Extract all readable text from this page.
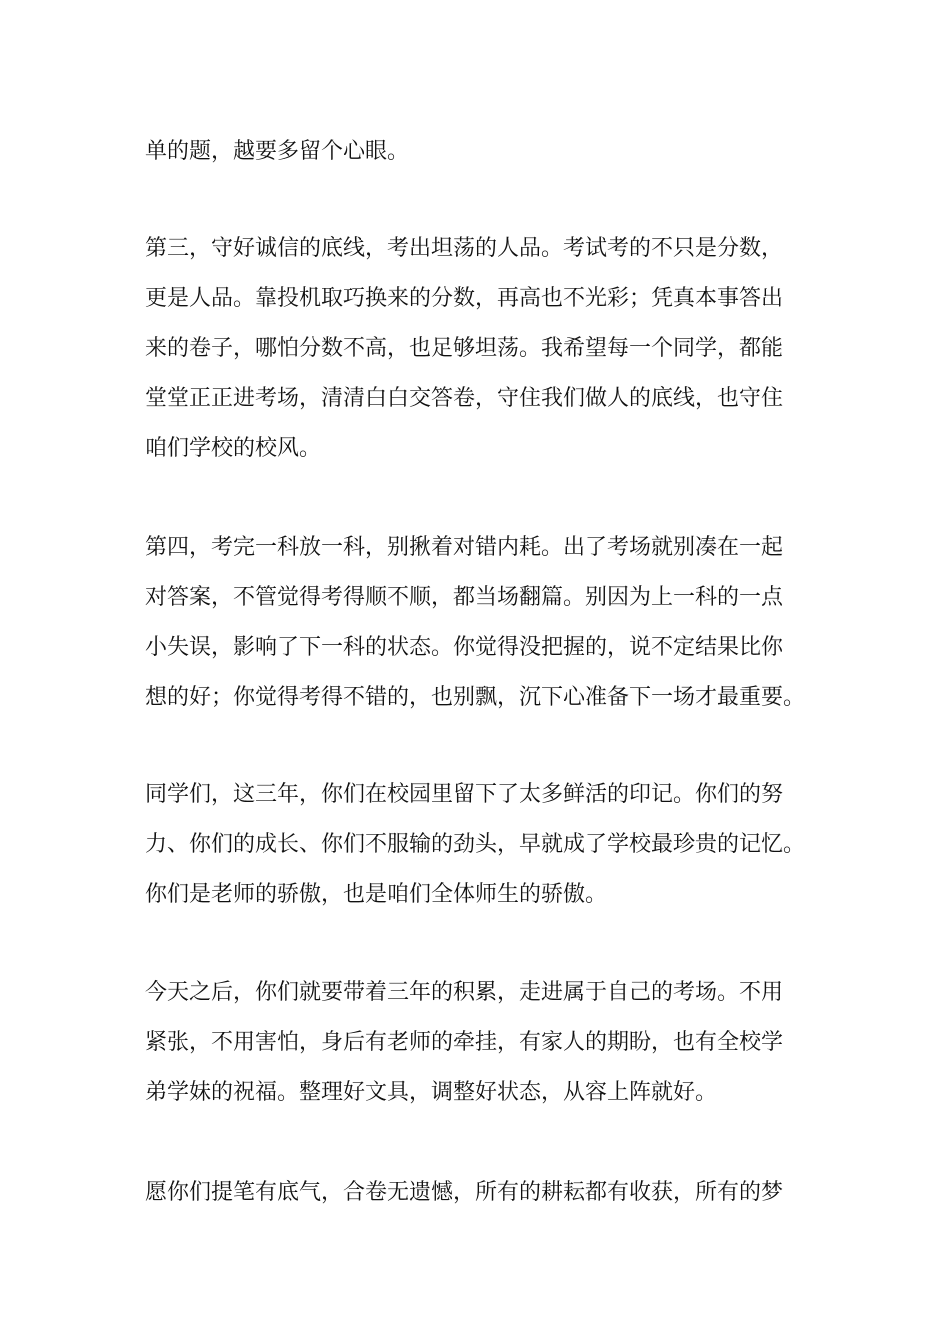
单的题，越要多留个心眼。

第三，守好诚信的底线，考出坦荡的人品。考试考的不只是分数，

更是人品。靠投机取巧换来的分数，再高也不光彩；凭真本事答出

来的卷子，哪怕分数不高，也足够坦荡。我希望每一个同学，都能

堂堂正正进考场，清清白白交答卷，守住我们做人的底线，也守住

咱们学校的校风。

第四，考完一科放一科，别揪着对错内耗。出了考场就别凑在一起

对答案，不管觉得考得顺不顺，都当场翻篇。别因为上一科的一点

小失误，影响了下一科的状态。你觉得没把握的，说不定结果比你

想的好；你觉得考得不错的，也别飘，沉下心准备下一场才最重要。

同学们，这三年，你们在校园里留下了太多鲜活的印记。你们的努

力、你们的成长、你们不服输的劲头，早就成了学校最珍贵的记忆。

你们是老师的骄傲，也是咱们全体师生的骄傲。

今天之后，你们就要带着三年的积累，走进属于自己的考场。不用

紧张，不用害怕，身后有老师的牵挂，有家人的期盼，也有全校学

弟学妹的祝福。整理好文具，调整好状态，从容上阵就好。

愿你们提笔有底气，合卷无遗憾，所有的耕耘都有收获，所有的梦
